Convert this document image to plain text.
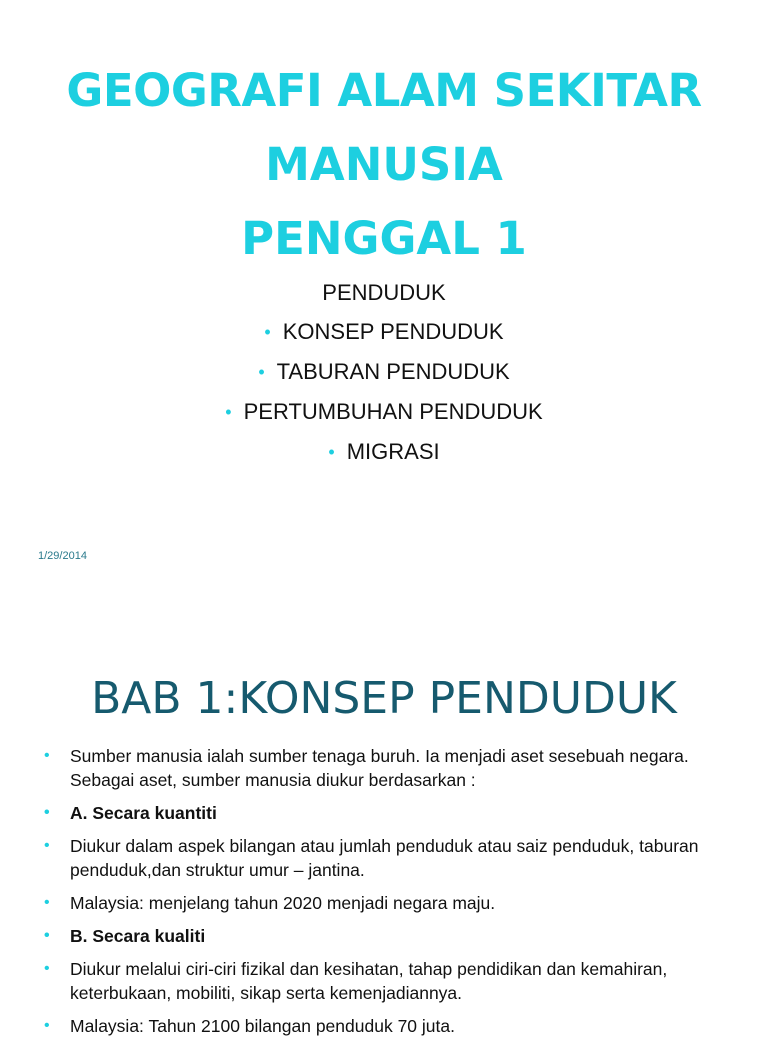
GEOGRAFI ALAM SEKITAR
MANUSIA
PENGGAL 1
PENDUDUK
• KONSEP PENDUDUK
• TABURAN PENDUDUK
• PERTUMBUHAN PENDUDUK
• MIGRASI
1/29/2014
BAB 1:KONSEP PENDUDUK
• Sumber manusia ialah sumber tenaga buruh. Ia menjadi aset sesebuah negara. Sebagai aset, sumber manusia diukur berdasarkan :
• A. Secara kuantiti
• Diukur dalam aspek bilangan atau jumlah penduduk atau saiz penduduk, taburan penduduk,dan struktur umur – jantina.
• Malaysia: menjelang tahun 2020 menjadi negara maju.
• B. Secara kualiti
• Diukur melalui ciri-ciri fizikal dan kesihatan, tahap pendidikan dan kemahiran, keterbukaan, mobiliti, sikap serta kemenjadiannya.
• Malaysia: Tahun 2100 bilangan penduduk 70 juta.
